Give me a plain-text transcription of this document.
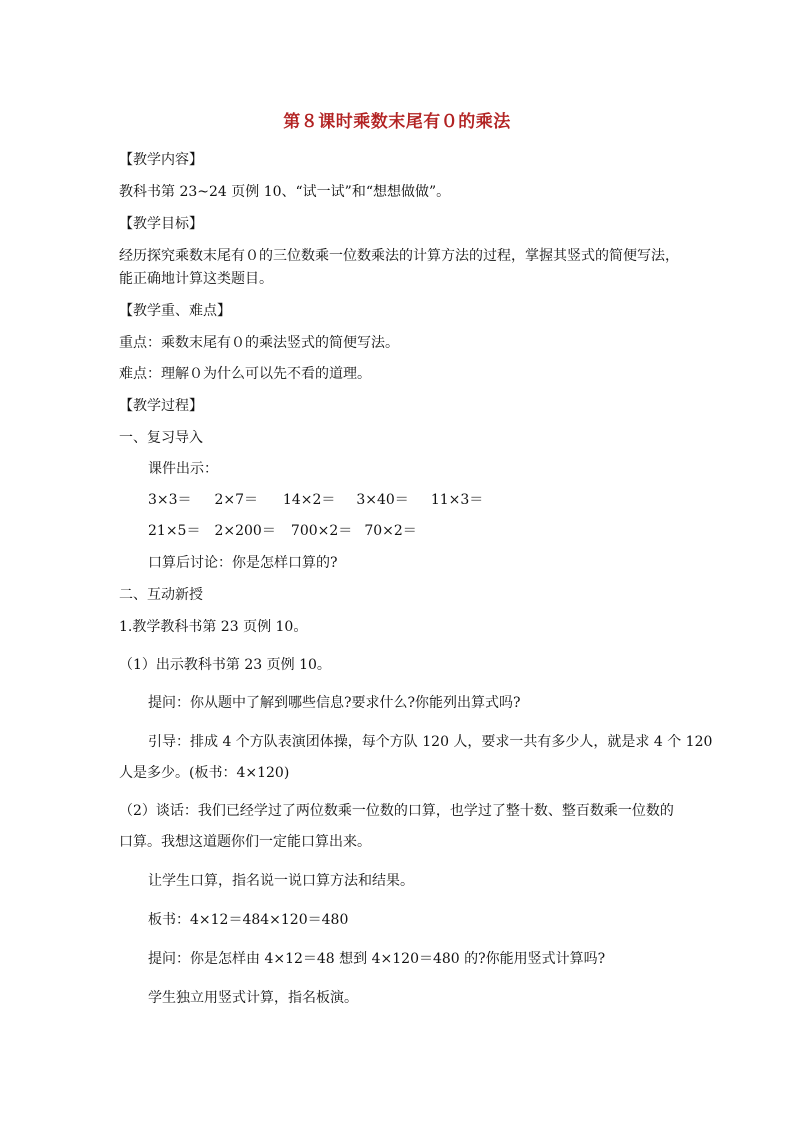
第８课时乘数末尾有０的乘法
【教学内容】
教科书第 23~24 页例 10、“试一试”和“想想做做”。
【教学目标】
经历探究乘数末尾有０的三位数乘一位数乘法的计算方法的过程，掌握其竖式的简便写法，
能正确地计算这类题目。
【教学重、难点】
重点：乘数末尾有０的乘法竖式的简便写法。
难点：理解０为什么可以先不看的道理。
【教学过程】
一、复习导入
课件出示：
3×3＝ 2×7＝ 14×2＝ 3×40＝ 11×3＝
21×5＝ 2×200＝ 700×2＝ 70×2＝
口算后讨论：你是怎样口算的?
二、互动新授
1.教学教科书第 23 页例 10。
（1）出示教科书第 23 页例 10。
提问：你从题中了解到哪些信息?要求什么?你能列出算式吗?
引导：排成 4 个方队表演团体操，每个方队 120 人，要求一共有多少人，就是求 4 个 120
人是多少。(板书：4×120)
（2）谈话：我们已经学过了两位数乘一位数的口算，也学过了整十数、整百数乘一位数的
口算。我想这道题你们一定能口算出来。
让学生口算，指名说一说口算方法和结果。
板书：4×12＝484×120＝480
提问：你是怎样由 4×12＝48 想到 4×120＝480 的?你能用竖式计算吗?
学生独立用竖式计算，指名板演。
